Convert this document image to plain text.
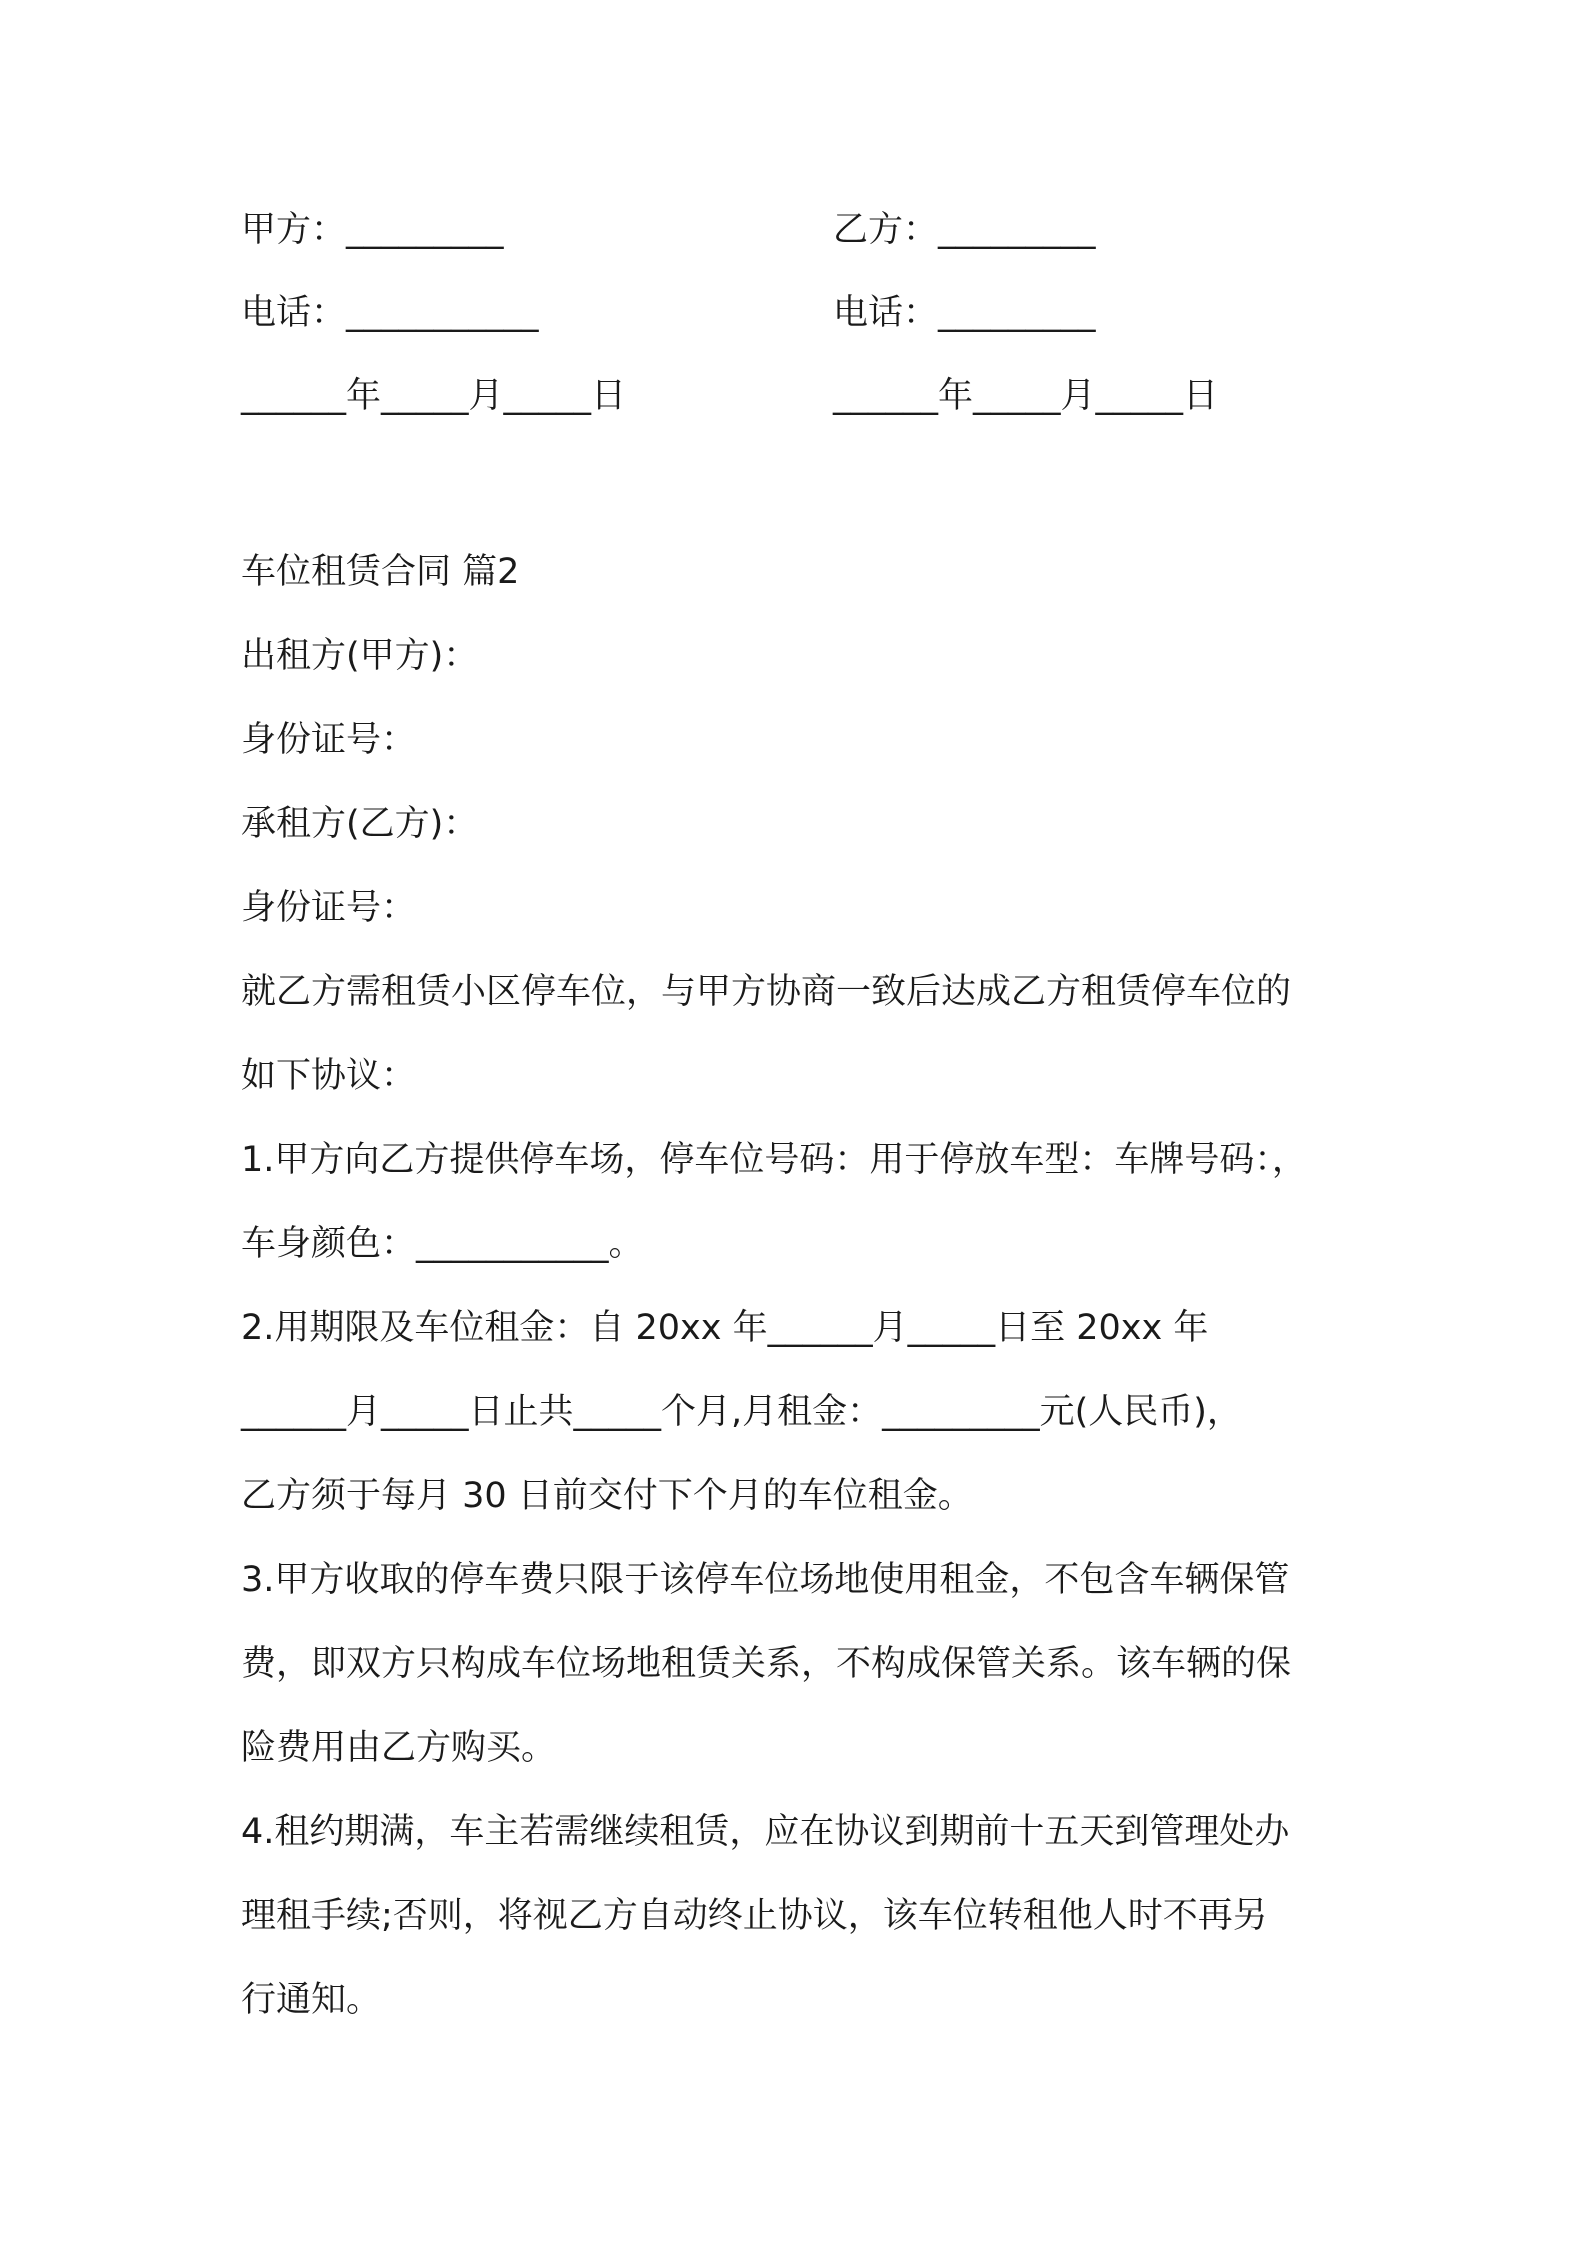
甲方：_________	乙方：_________
电话：___________	电话：_________
______年_____月_____日	______年_____月_____日
车位租赁合同 篇2
出租方(甲方)：
身份证号：
承租方(乙方)：
身份证号：
就乙方需租赁小区停车位，与甲方协商一致后达成乙方租赁停车位的
如下协议：
1.甲方向乙方提供停车场，停车位号码：用于停放车型：车牌号码：，
车身颜色：___________。
2.用期限及车位租金：自 20xx 年______月_____日至 20xx 年
______月_____日止共_____个月,月租金：_________元(人民币)，
乙方须于每月 30 日前交付下个月的车位租金。
3.甲方收取的停车费只限于该停车位场地使用租金，不包含车辆保管
费，即双方只构成车位场地租赁关系，不构成保管关系。该车辆的保
险费用由乙方购买。
4.租约期满，车主若需继续租赁，应在协议到期前十五天到管理处办
理租手续;否则，将视乙方自动终止协议，该车位转租他人时不再另
行通知。
